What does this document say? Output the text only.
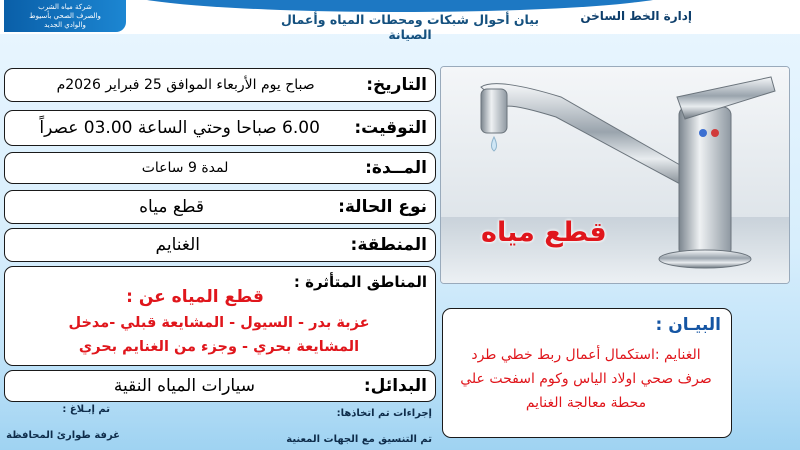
شركة مياه الشرب
والصرف الصحي بأسيوط
والوادي الجديد	بيان أحوال شبكات ومحطات المياه وأعمال الصيانة
إدارة الخط الساخن
التاريخ:
صباح يوم الأربعاء الموافق 25 فبراير 2026م
التوقيت:
6.00 صباحا وحتي الساعة 03.00 عصراً
المــدة:
لمدة 9 ساعات
نوع الحالة:
قطع مياه
المنطقة:
الغنايم
المناطق المتأثرة :
قطع المياه عن :
عزبة بدر - السيول - المشايعة قبلي -مدخل
المشايعة بحري - وجزء من الغنايم بحري
البدائل:
سيارات المياه النقية
تم إبـلاغ :
غرفة طوارئ المحافظة
إجراءات تم اتخاذها:
تم التنسيق مع الجهات المعنية
قطع مياه
البيـان :
الغنايم :استكمال أعمال ربط خطي طرد صرف صحي اولاد الياس وكوم اسفحت علي محطة معالجة الغنايم
